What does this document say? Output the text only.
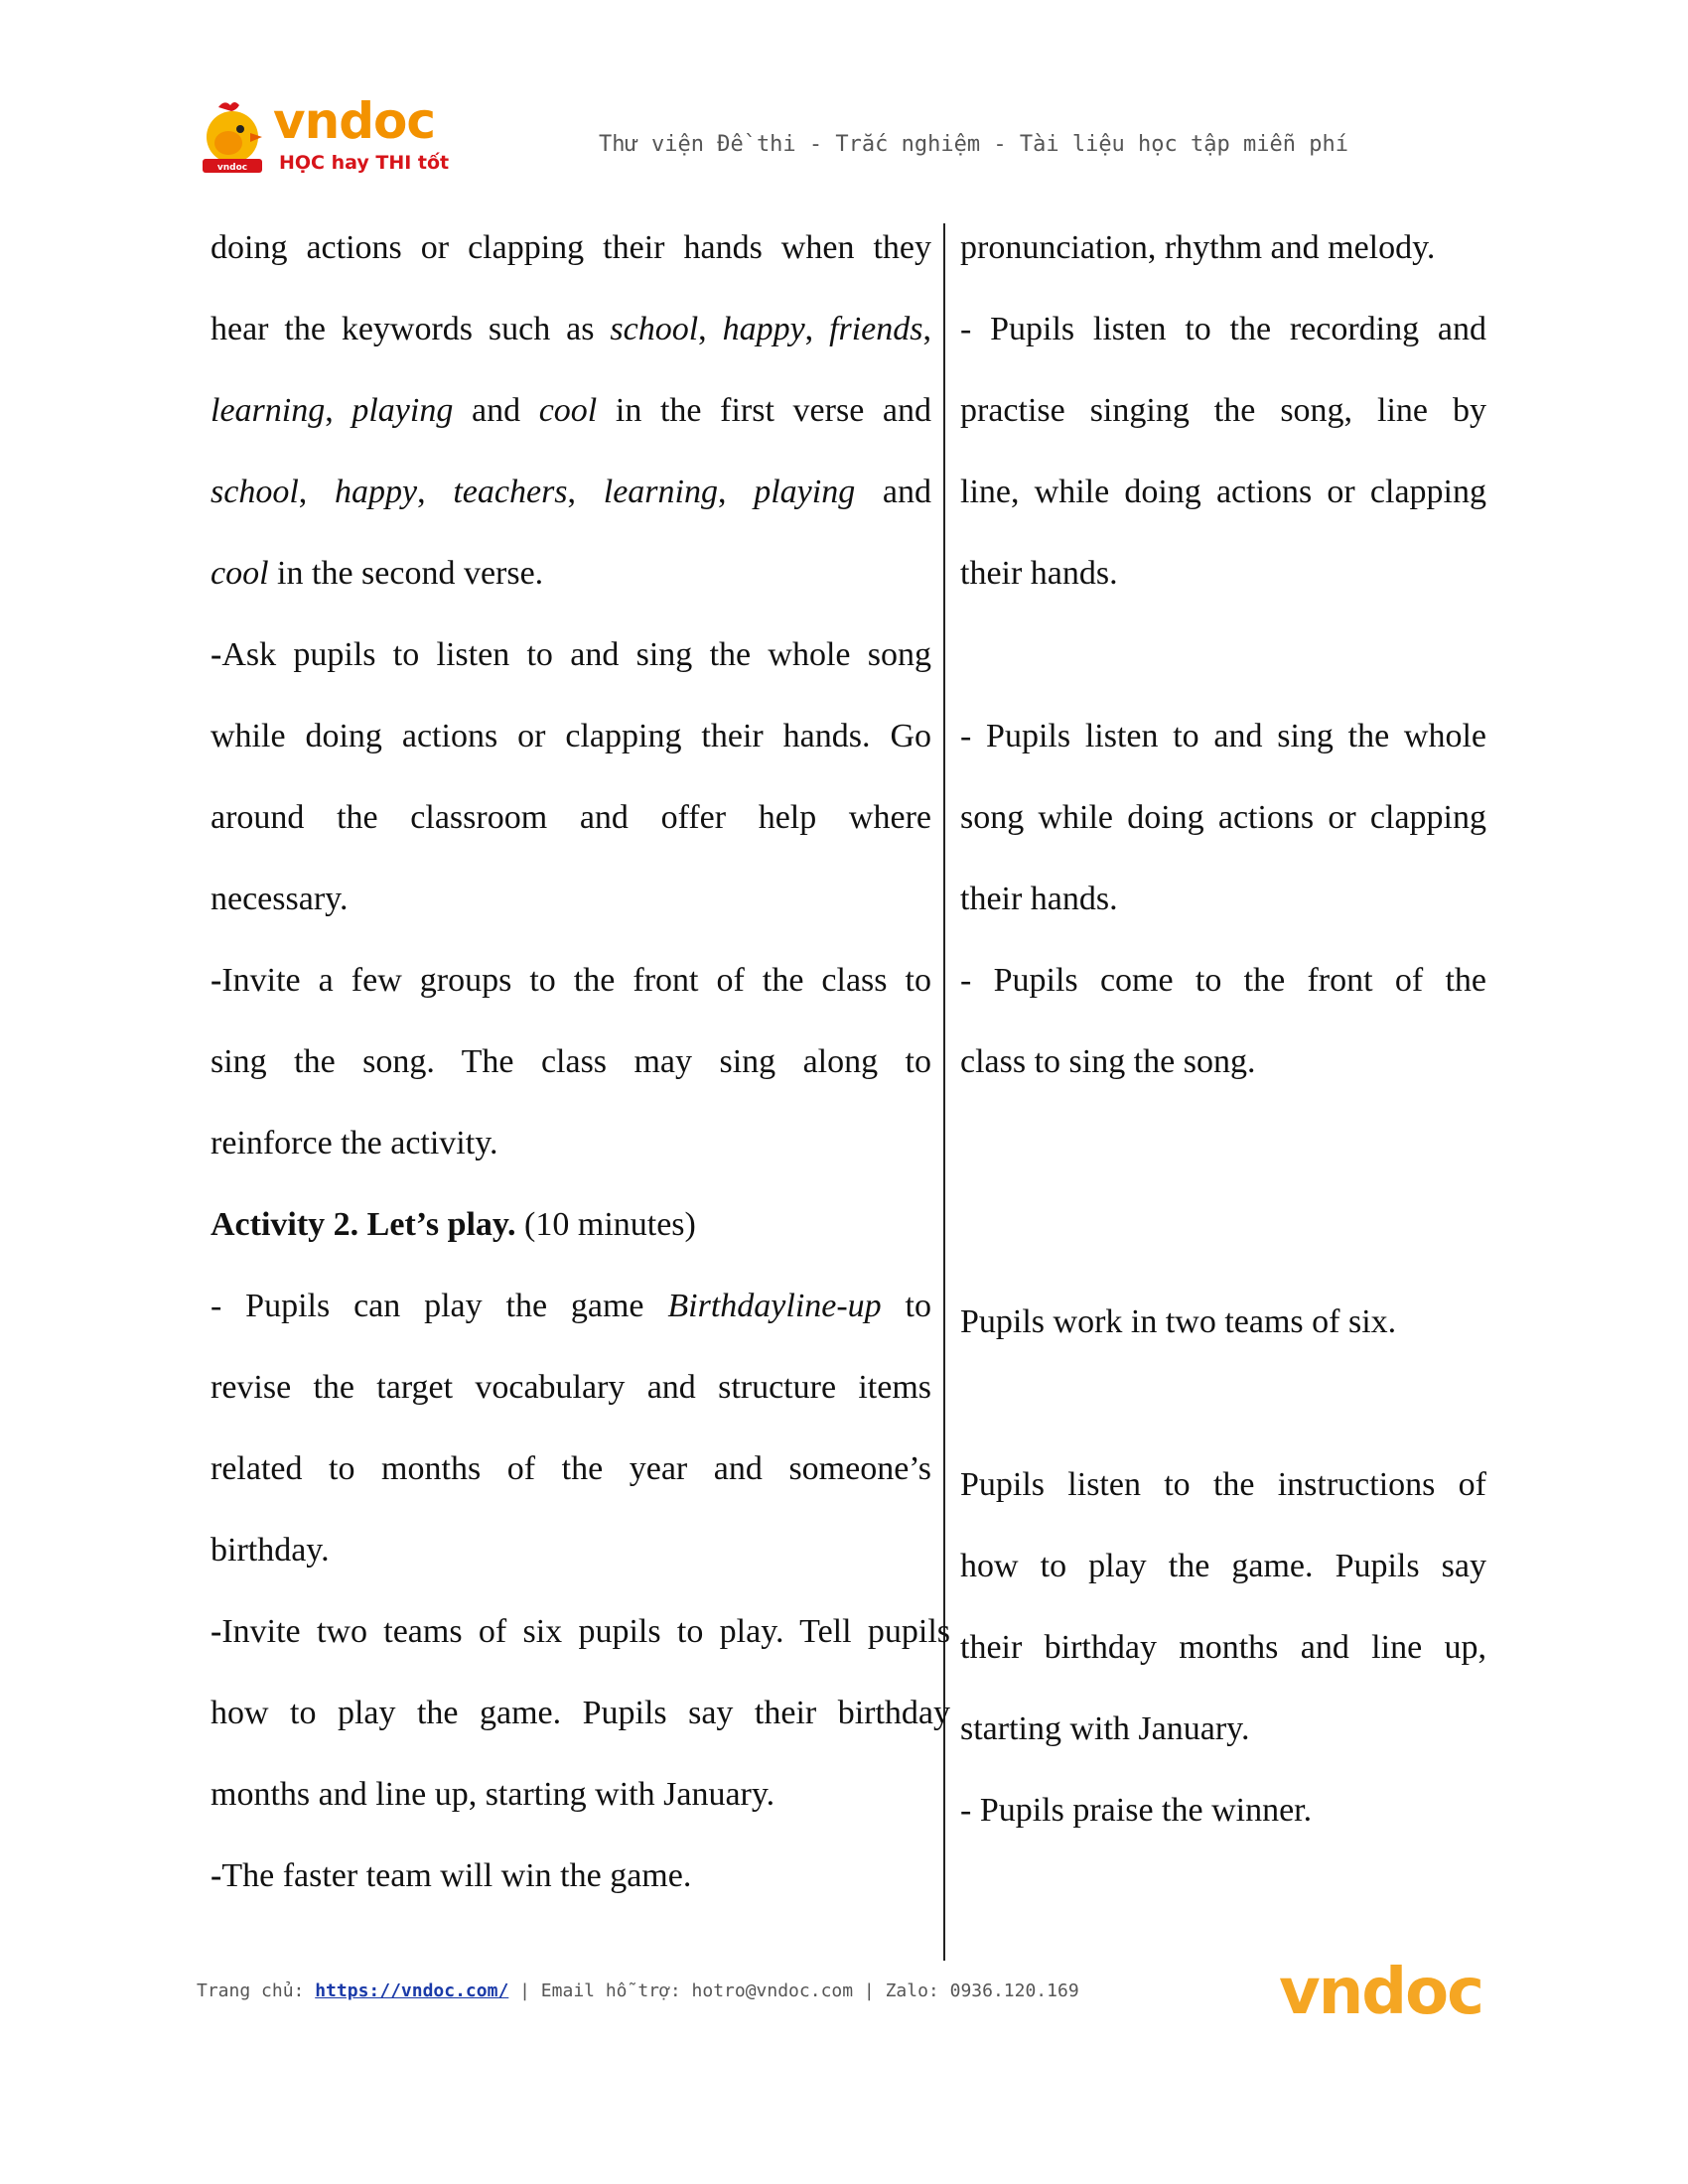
vndoc
vndoc
HỌC hay THI tốt
Thư viện Đề thi - Trắc nghiệm - Tài liệu học tập miễn phí
doing actions or clapping their hands when they
hear the keywords such as school, happy, friends,
learning, playing and cool in the first verse and
school, happy, teachers, learning, playing and
cool in the second verse.
-Ask pupils to listen to and sing the whole song
while doing actions or clapping their hands. Go
around the classroom and offer help where
necessary.
-Invite a few groups to the front of the class to
sing the song. The class may sing along to
reinforce the activity.
Activity 2. Let’s play. (10 minutes)
- Pupils can play the game Birthdayline-up to
revise the target vocabulary and structure items
related to months of the year and someone’s
birthday.
-Invite two teams of six pupils to play. Tell pupils
how to play the game. Pupils say their birthday
months and line up, starting with January.
-The faster team will win the game.
pronunciation, rhythm and melody.
- Pupils listen to the recording and
practise singing the song, line by
line, while doing actions or clapping
their hands.
- Pupils listen to and sing the whole
song while doing actions or clapping
their hands.
- Pupils come to the front of the
class to sing the song.
Pupils work in two teams of six.
Pupils listen to the instructions of
how to play the game. Pupils say
their birthday months and line up,
starting with January.
- Pupils praise the winner.
Trang chủ: https://vndoc.com/ | Email hỗ trợ: hotro@vndoc.com | Zalo: 0936.120.169	vndoc
